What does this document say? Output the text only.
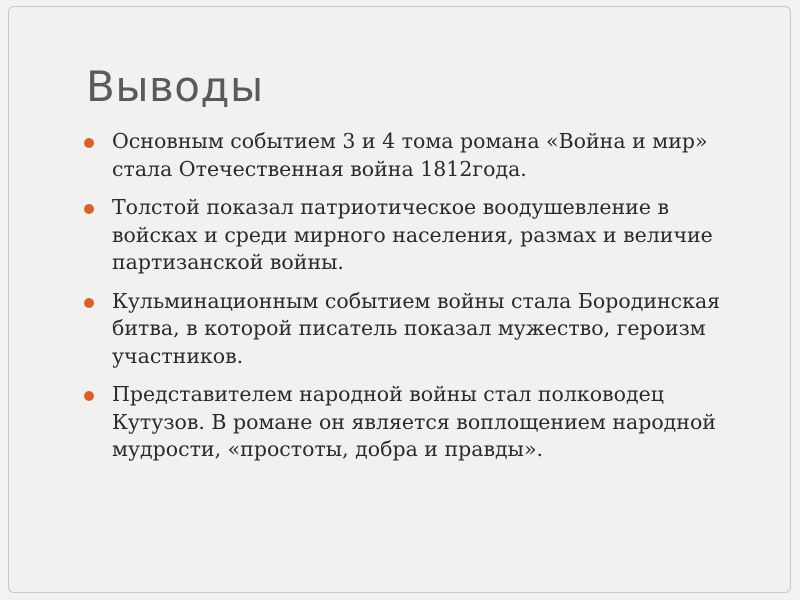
Выводы
Основным событием 3 и 4 тома романа «Война и мир» стала Отечественная война 1812года.
Толстой показал патриотическое воодушевление в войсках и среди мирного населения, размах и величие партизанской войны.
Кульминационным событием войны стала Бородинская битва, в которой писатель показал мужество, героизм участников.
Представителем народной войны стал полководец Кутузов. В романе он является воплощением народной мудрости, «простоты, добра и правды».
